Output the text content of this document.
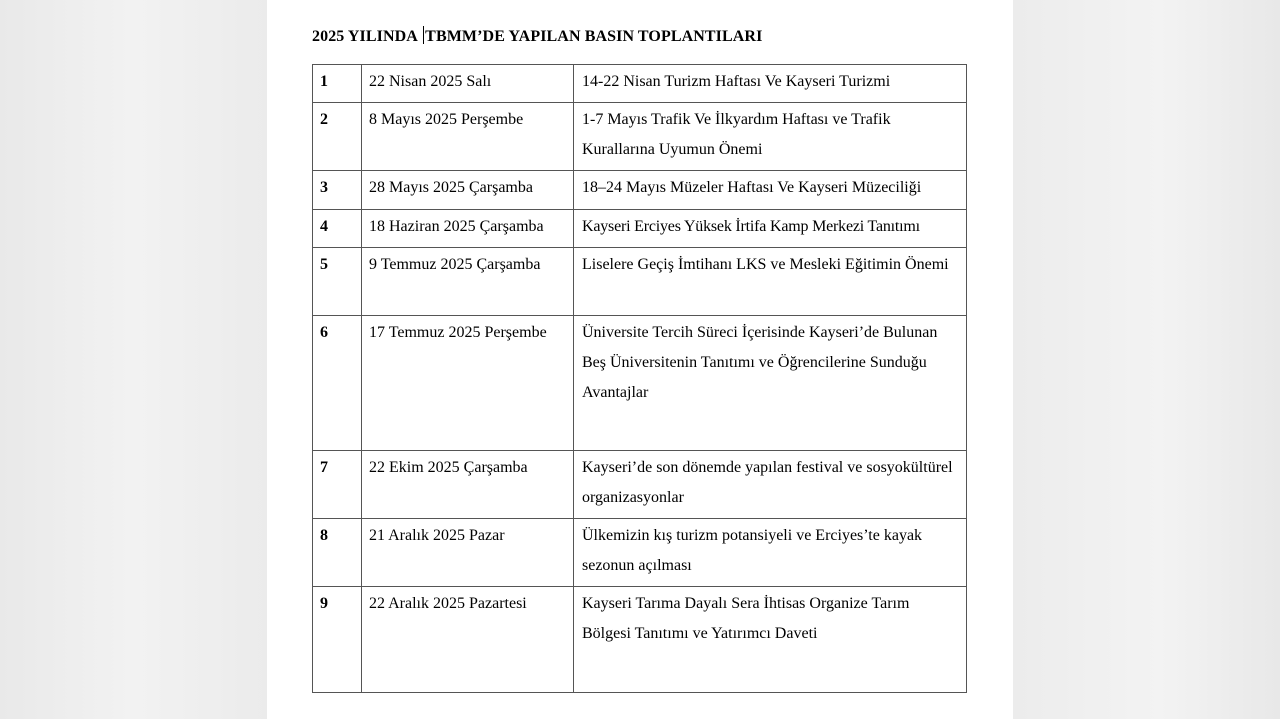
2025 YILINDA TBMM’DE YAPILAN BASIN TOPLANTILARI
1	22 Nisan 2025 Salı	14-22 Nisan Turizm Haftası Ve Kayseri Turizmi
2	8 Mayıs 2025 Perşembe	1-7 Mayıs Trafik Ve İlkyardım Haftası ve Trafik Kurallarına Uyumun Önemi
3	28 Mayıs 2025 Çarşamba	18–24 Mayıs Müzeler Haftası Ve Kayseri Müzeciliği
4	18 Haziran 2025 Çarşamba	Kayseri Erciyes Yüksek İrtifa Kamp Merkezi Tanıtımı
5	9 Temmuz 2025 Çarşamba	Liselere Geçiş İmtihanı LKS ve Mesleki Eğitimin Önemi
6	17 Temmuz 2025 Perşembe	Üniversite Tercih Süreci İçerisinde Kayseri’de Bulunan Beş Üniversitenin Tanıtımı ve Öğrencilerine Sunduğu Avantajlar
7	22 Ekim 2025 Çarşamba	Kayseri’de son dönemde yapılan festival ve sosyokültürel organizasyonlar
8	21 Aralık 2025 Pazar	Ülkemizin kış turizm potansiyeli ve Erciyes’te kayak sezonun açılması
9	22 Aralık 2025 Pazartesi	Kayseri Tarıma Dayalı Sera İhtisas Organize Tarım Bölgesi Tanıtımı ve Yatırımcı Daveti
